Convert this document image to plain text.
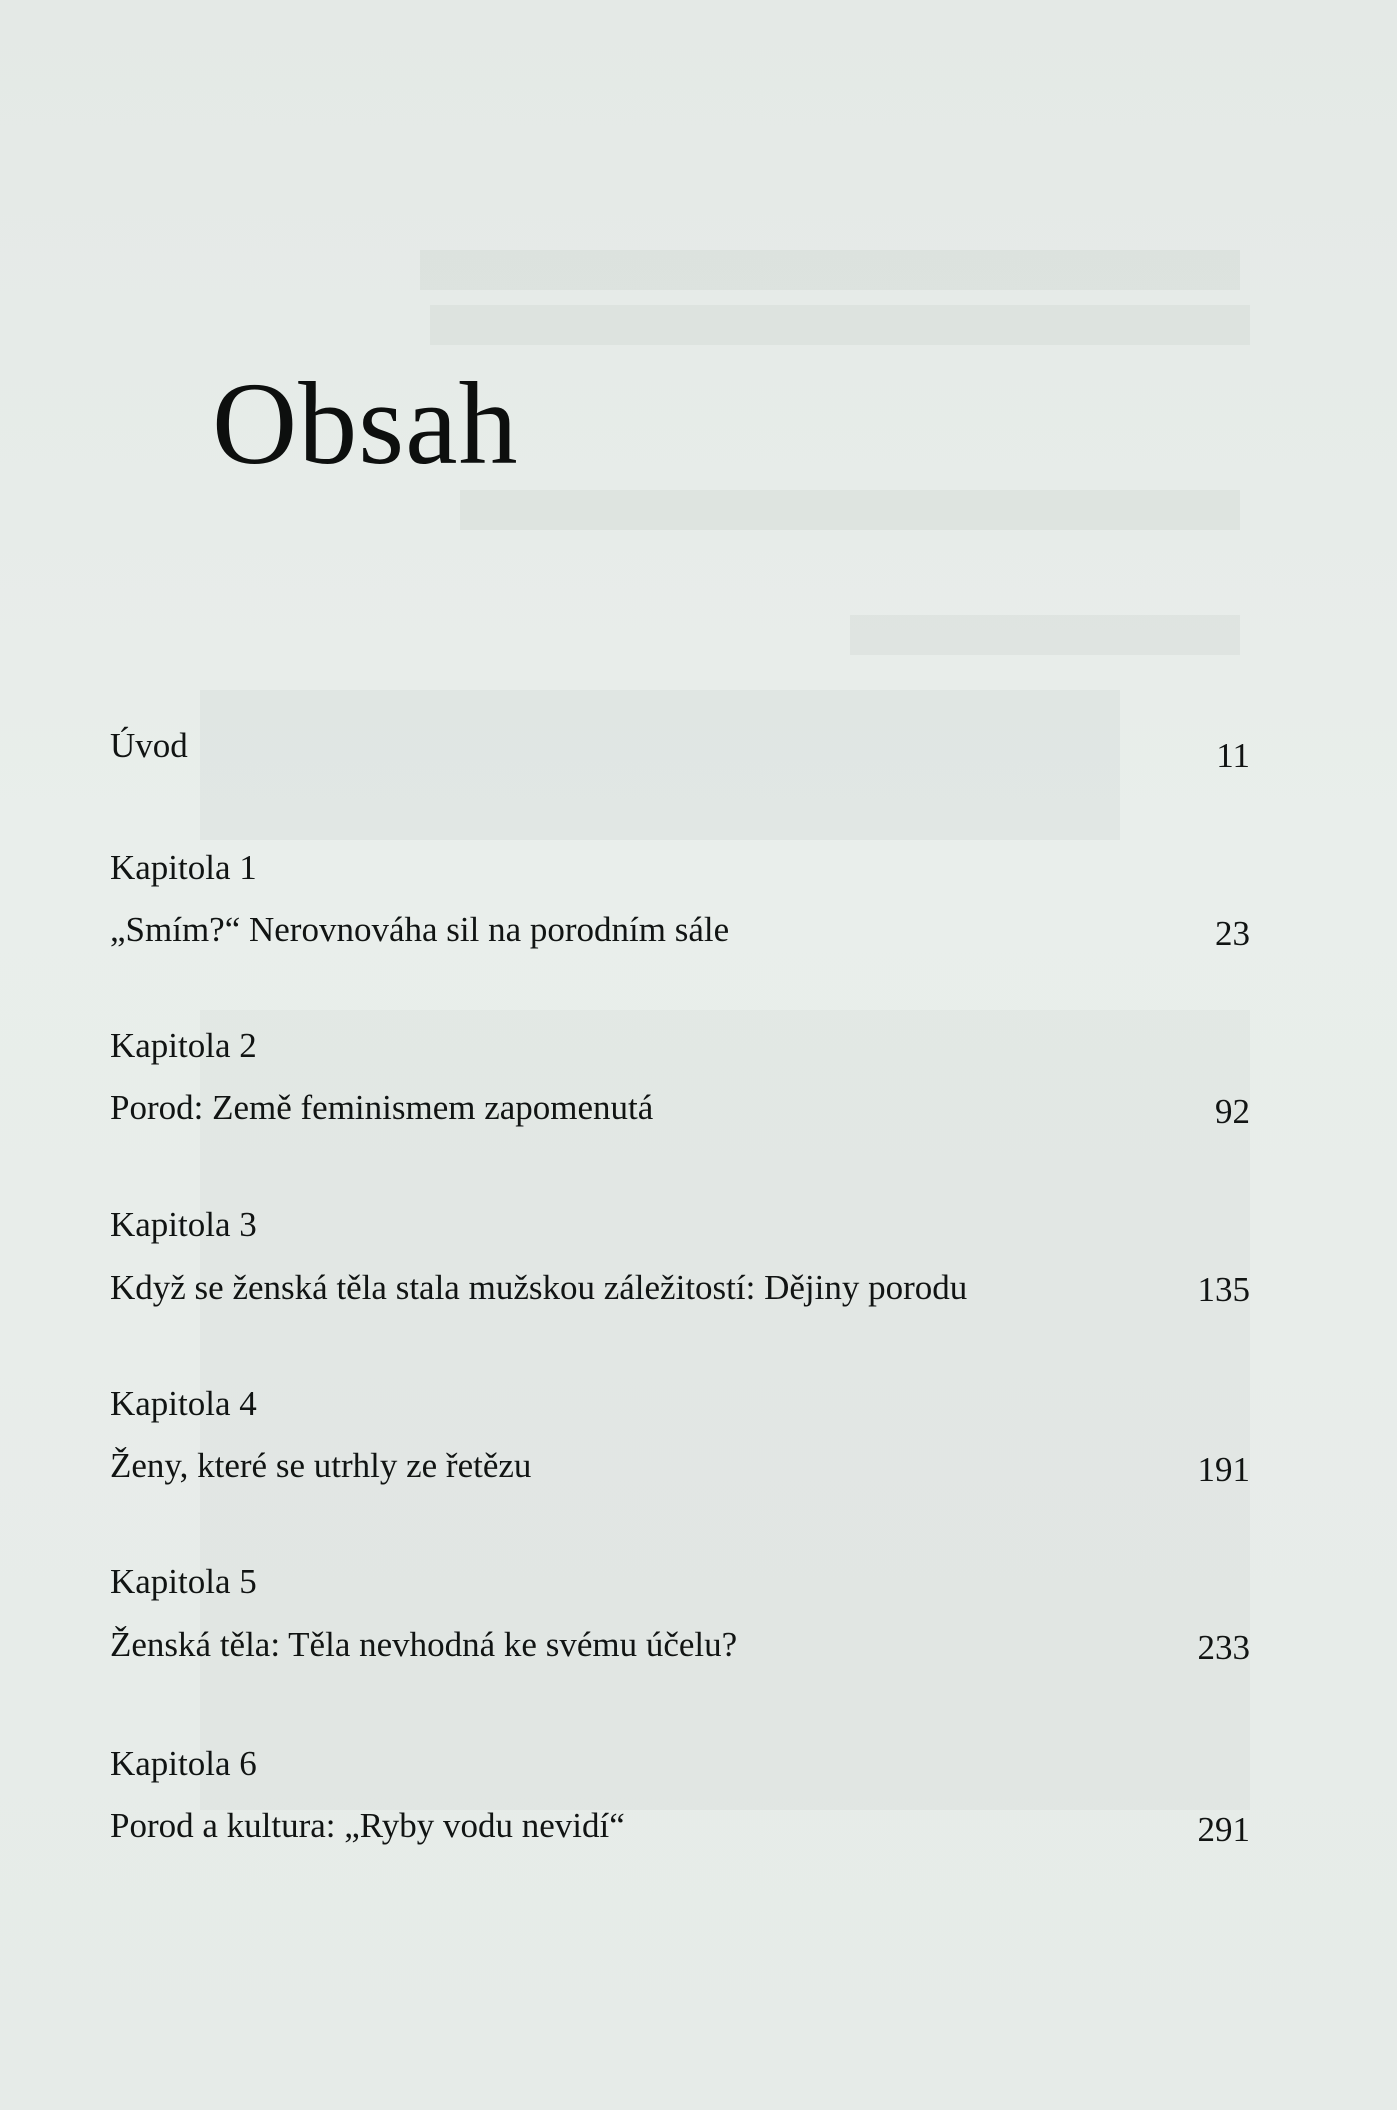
Obsah
Úvod	11
Kapitola 1
„Smím?“ Nerovnováha sil na porodním sále	23
Kapitola 2
Porod: Země feminismem zapomenutá	92
Kapitola 3
Když se ženská těla stala mužskou záležitostí: Dějiny porodu	135
Kapitola 4
Ženy, které se utrhly ze řetězu	191
Kapitola 5
Ženská těla: Těla nevhodná ke svému účelu?	233
Kapitola 6
Porod a kultura: „Ryby vodu nevidí“	291
